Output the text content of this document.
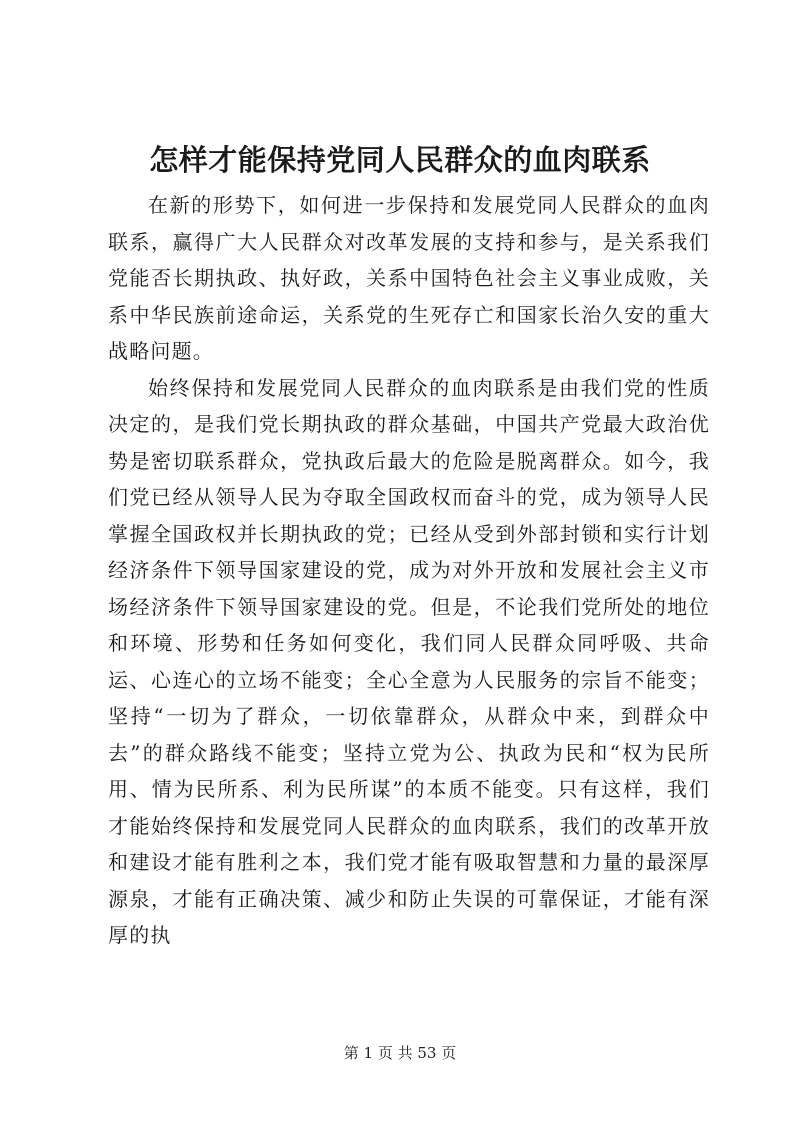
怎样才能保持党同人民群众的血肉联系

在新的形势下，如何进一步保持和发展党同人民群众的血肉联系，赢得广大人民群众对改革发展的支持和参与，是关系我们党能否长期执政、执好政，关系中国特色社会主义事业成败，关系中华民族前途命运，关系党的生死存亡和国家长治久安的重大战略问题。

始终保持和发展党同人民群众的血肉联系是由我们党的性质决定的，是我们党长期执政的群众基础，中国共产党最大政治优势是密切联系群众，党执政后最大的危险是脱离群众。如今，我们党已经从领导人民为夺取全国政权而奋斗的党，成为领导人民掌握全国政权并长期执政的党；已经从受到外部封锁和实行计划经济条件下领导国家建设的党，成为对外开放和发展社会主义市场经济条件下领导国家建设的党。但是，不论我们党所处的地位和环境、形势和任务如何变化，我们同人民群众同呼吸、共命运、心连心的立场不能变；全心全意为人民服务的宗旨不能变；坚持“一切为了群众，一切依靠群众，从群众中来，到群众中去”的群众路线不能变；坚持立党为公、执政为民和“权为民所用、情为民所系、利为民所谋”的本质不能变。只有这样，我们才能始终保持和发展党同人民群众的血肉联系，我们的改革开放和建设才能有胜利之本，我们党才能有吸取智慧和力量的最深厚源泉，才能有正确决策、减少和防止失误的可靠保证，才能有深厚的执

第 1 页 共 53 页
